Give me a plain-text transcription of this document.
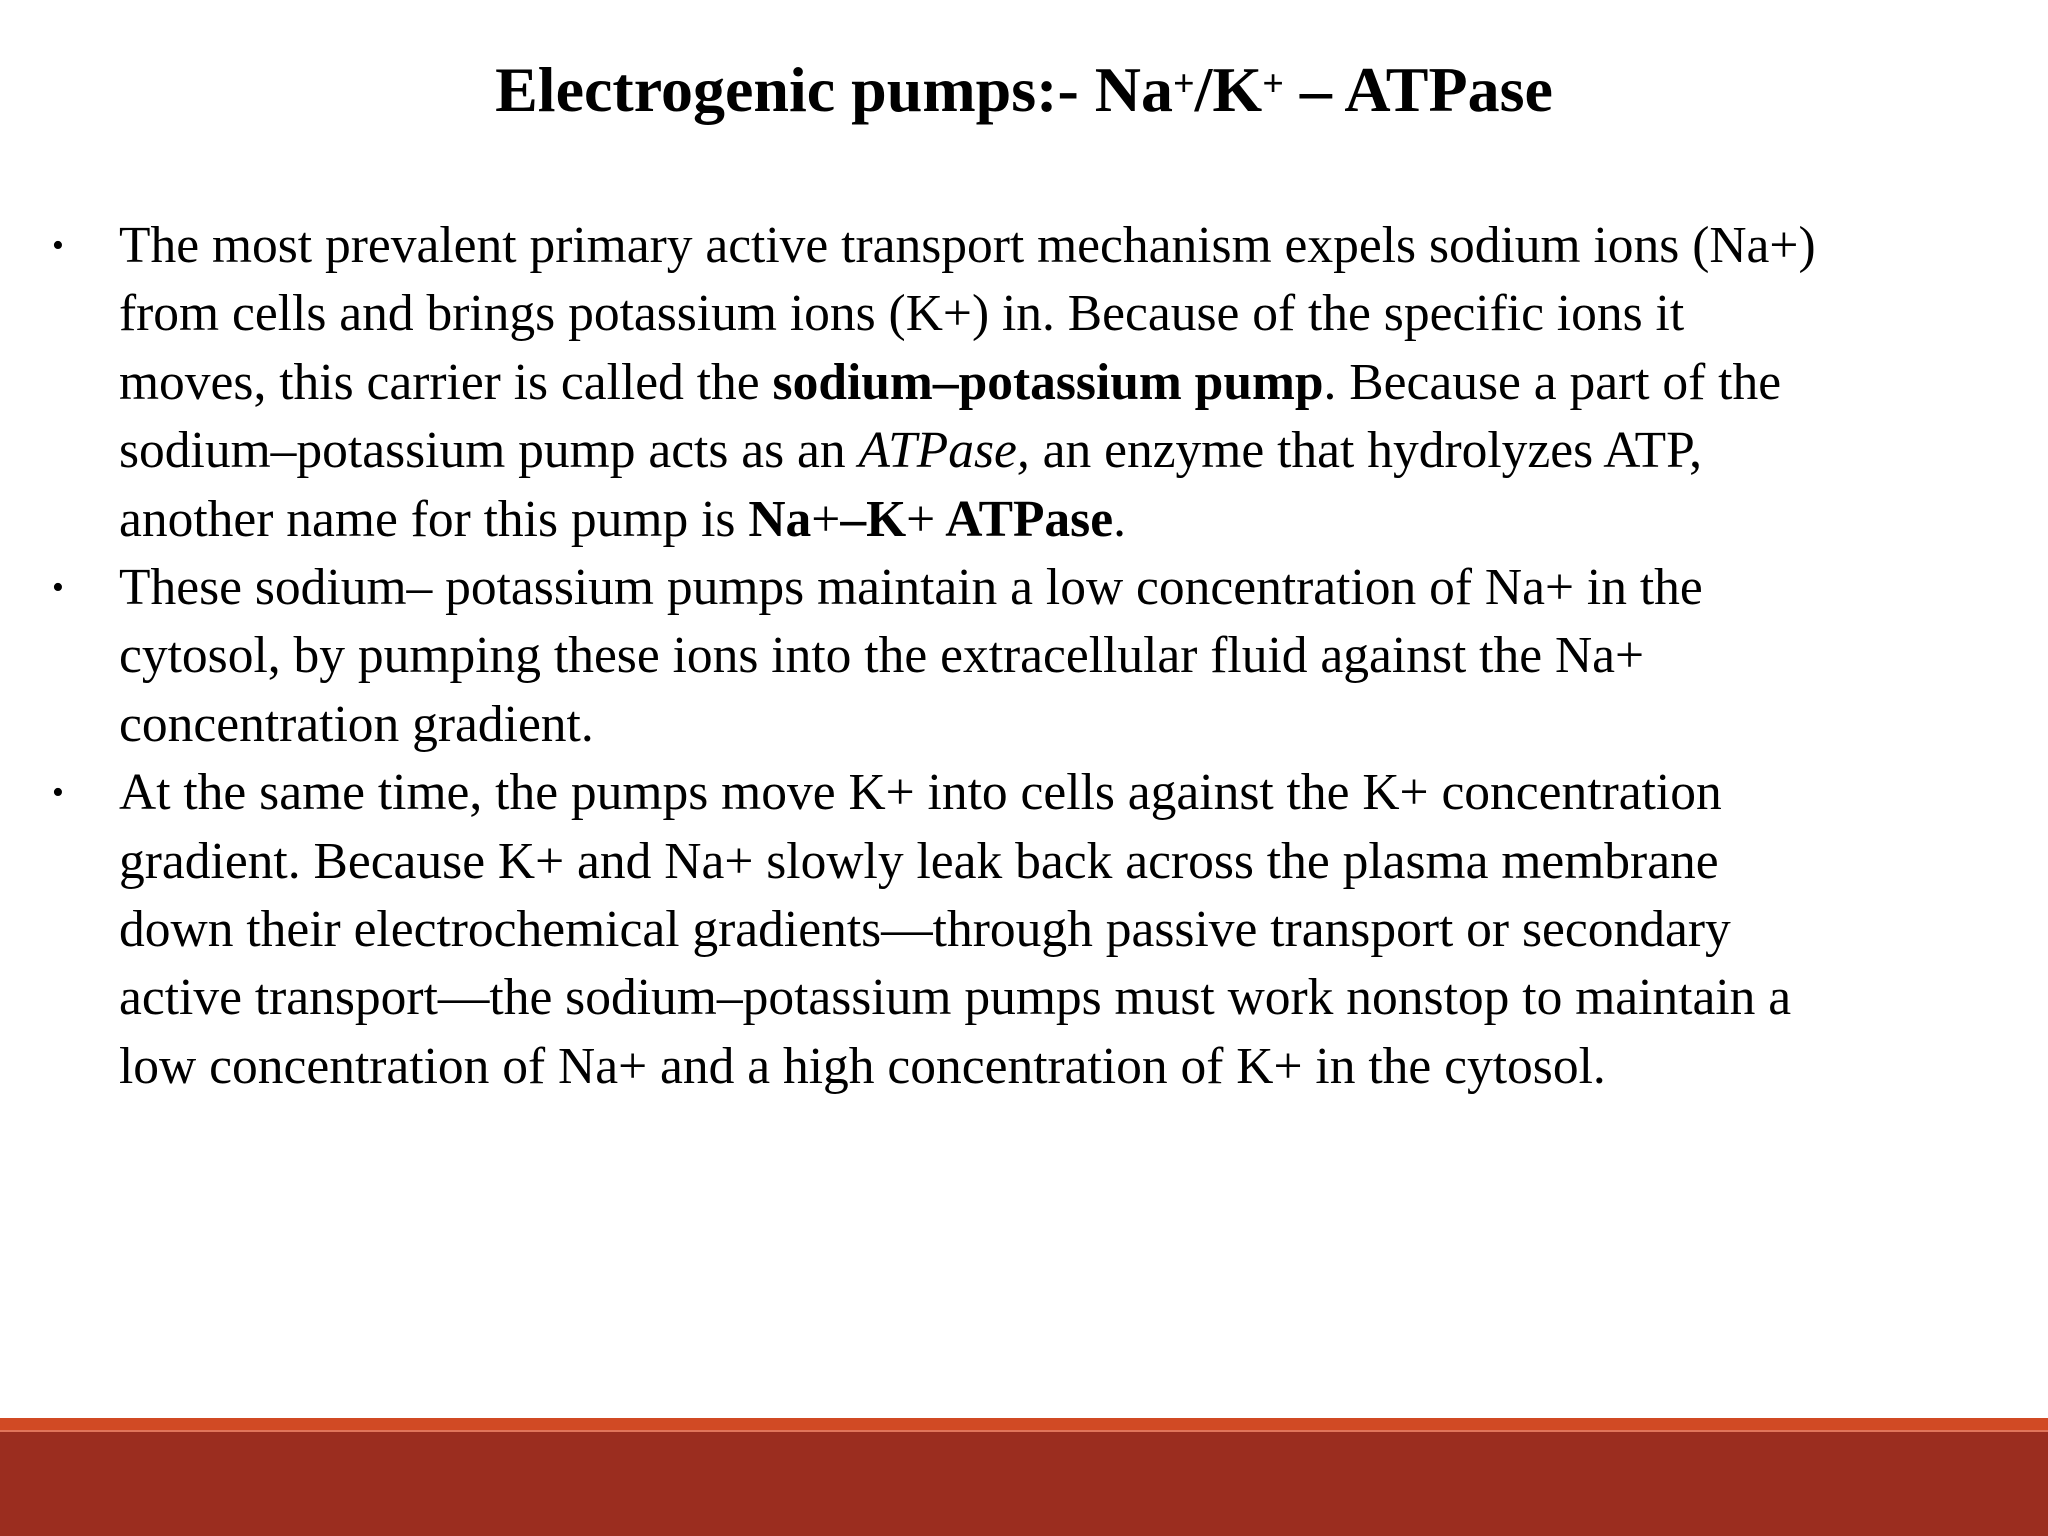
Electrogenic pumps:- Na+/K+ – ATPase
• The most prevalent primary active transport mechanism expels sodium ions (Na+)
from cells and brings potassium ions (K+) in. Because of the specific ions it
moves, this carrier is called the sodium–potassium pump. Because a part of the
sodium–potassium pump acts as an ATPase, an enzyme that hydrolyzes ATP,
another name for this pump is Na+–K+ ATPase.
• These sodium– potassium pumps maintain a low concentration of Na+ in the
cytosol, by pumping these ions into the extracellular fluid against the Na+
concentration gradient.
• At the same time, the pumps move K+ into cells against the K+ concentration
gradient. Because K+ and Na+ slowly leak back across the plasma membrane
down their electrochemical gradients—through passive transport or secondary
active transport—the sodium–potassium pumps must work nonstop to maintain a
low concentration of Na+ and a high concentration of K+ in the cytosol.
